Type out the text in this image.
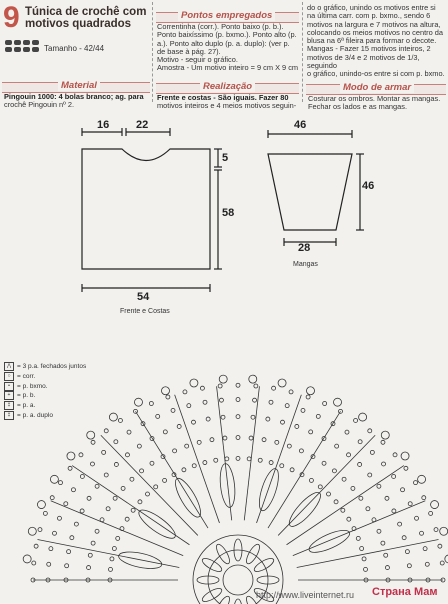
9 Túnica de crochê com
motivos quadrados
Tamanho - 42/44
Material
Pingouin 1000: 4 bolas branco; ag. para
crochê Pingouin nº 2.
Pontos empregados
Correntinha (corr.). Ponto baixo (p. b.).
Ponto baixíssimo (p. bxmo.). Ponto alto (p.
a.). Ponto alto duplo (p. a. duplo): (ver p.
de base à pág. 27).
Motivo - seguir o gráfico.
Amostra - Um motivo inteiro = 9 cm X 9 cm
Realização
Frente e costas - São iguais. Fazer 80
motivos inteiros e 4 meios motivos seguin-
do o gráfico, unindo os motivos entre si
na última carr. com p. bxmo., sendo 6
motivos na largura e 7 motivos na altura,
colocando os meios motivos no centro da
blusa na 6ª fileira para formar o decote.
Mangas - Fazer 15 motivos inteiros, 2
motivos de 3/4 e 2 motivos de 1/3, seguindo
o gráfico, unindo-os entre si com p. bxmo.
Modo de armar
Costurar os ombros. Montar as mangas.
Fechar os lados e as mangas.
16 22
5
58
54
Frente e Costas
46
46
28
Mangas
⋀ = 3 p.a. fechados juntos
○ = corr.
• = p. bxmo.
+ = p. b.
‡ = p. a.
‡ = p. a. duplo
http://www.liveinternet.ru Страна Мам
